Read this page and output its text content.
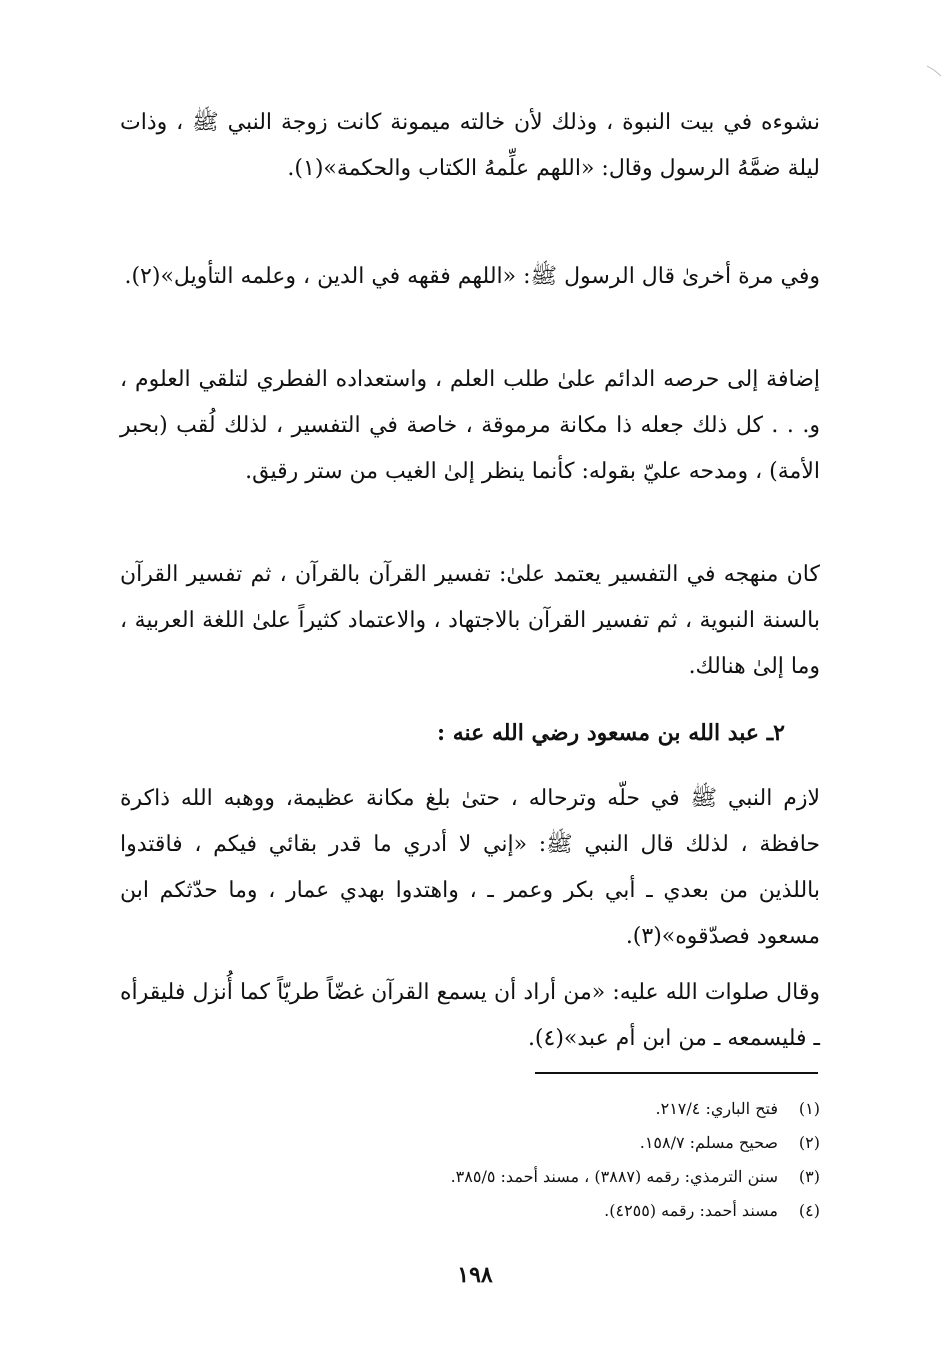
نشوءه في بيت النبوة ، وذلك لأن خالته ميمونة كانت زوجة النبي ﷺ ، وذات ليلة ضمَّهُ الرسول وقال: «اللهم علِّمهُ الكتاب والحكمة»(١).

وفي مرة أخرىٰ قال الرسول ﷺ: «اللهم فقهه في الدين ، وعلمه التأويل»(٢).

إضافة إلى حرصه الدائم علىٰ طلب العلم ، واستعداده الفطري لتلقي العلوم ، و. . . كل ذلك جعله ذا مكانة مرموقة ، خاصة في التفسير ، لذلك لُقب (بحبر الأمة) ، ومدحه عليّ بقوله: كأنما ينظر إلىٰ الغيب من ستر رقيق.

كان منهجه في التفسير يعتمد علىٰ: تفسير القرآن بالقرآن ، ثم تفسير القرآن بالسنة النبوية ، ثم تفسير القرآن بالاجتهاد ، والاعتماد كثيراً علىٰ اللغة العربية ، وما إلىٰ هنالك.

٢ـ عبد الله بن مسعود رضي الله عنه :

لازم النبي ﷺ في حلّه وترحاله ، حتىٰ بلغ مكانة عظيمة، ووهبه الله ذاكرة حافظة ، لذلك قال النبي ﷺ: «إني لا أدري ما قدر بقائي فيكم ، فاقتدوا باللذين من بعدي ـ أبي بكر وعمر ـ ، واهتدوا بهدي عمار ، وما حدّثكم ابن مسعود فصدّقوه»(٣).

وقال صلوات الله عليه: «من أراد أن يسمع القرآن غضّاً طريّاً كما أُنزل فليقرأه ـ فليسمعه ـ من ابن أم عبد»(٤).

(١)
فتح الباري: ٢١٧/٤.
(٢)
صحيح مسلم: ١٥٨/٧.
(٣)
سنن الترمذي: رقمه (٣٨٨٧) ، مسند أحمد: ٣٨٥/٥.
(٤)
مسند أحمد: رقمه (٤٢٥٥).
١٩٨
